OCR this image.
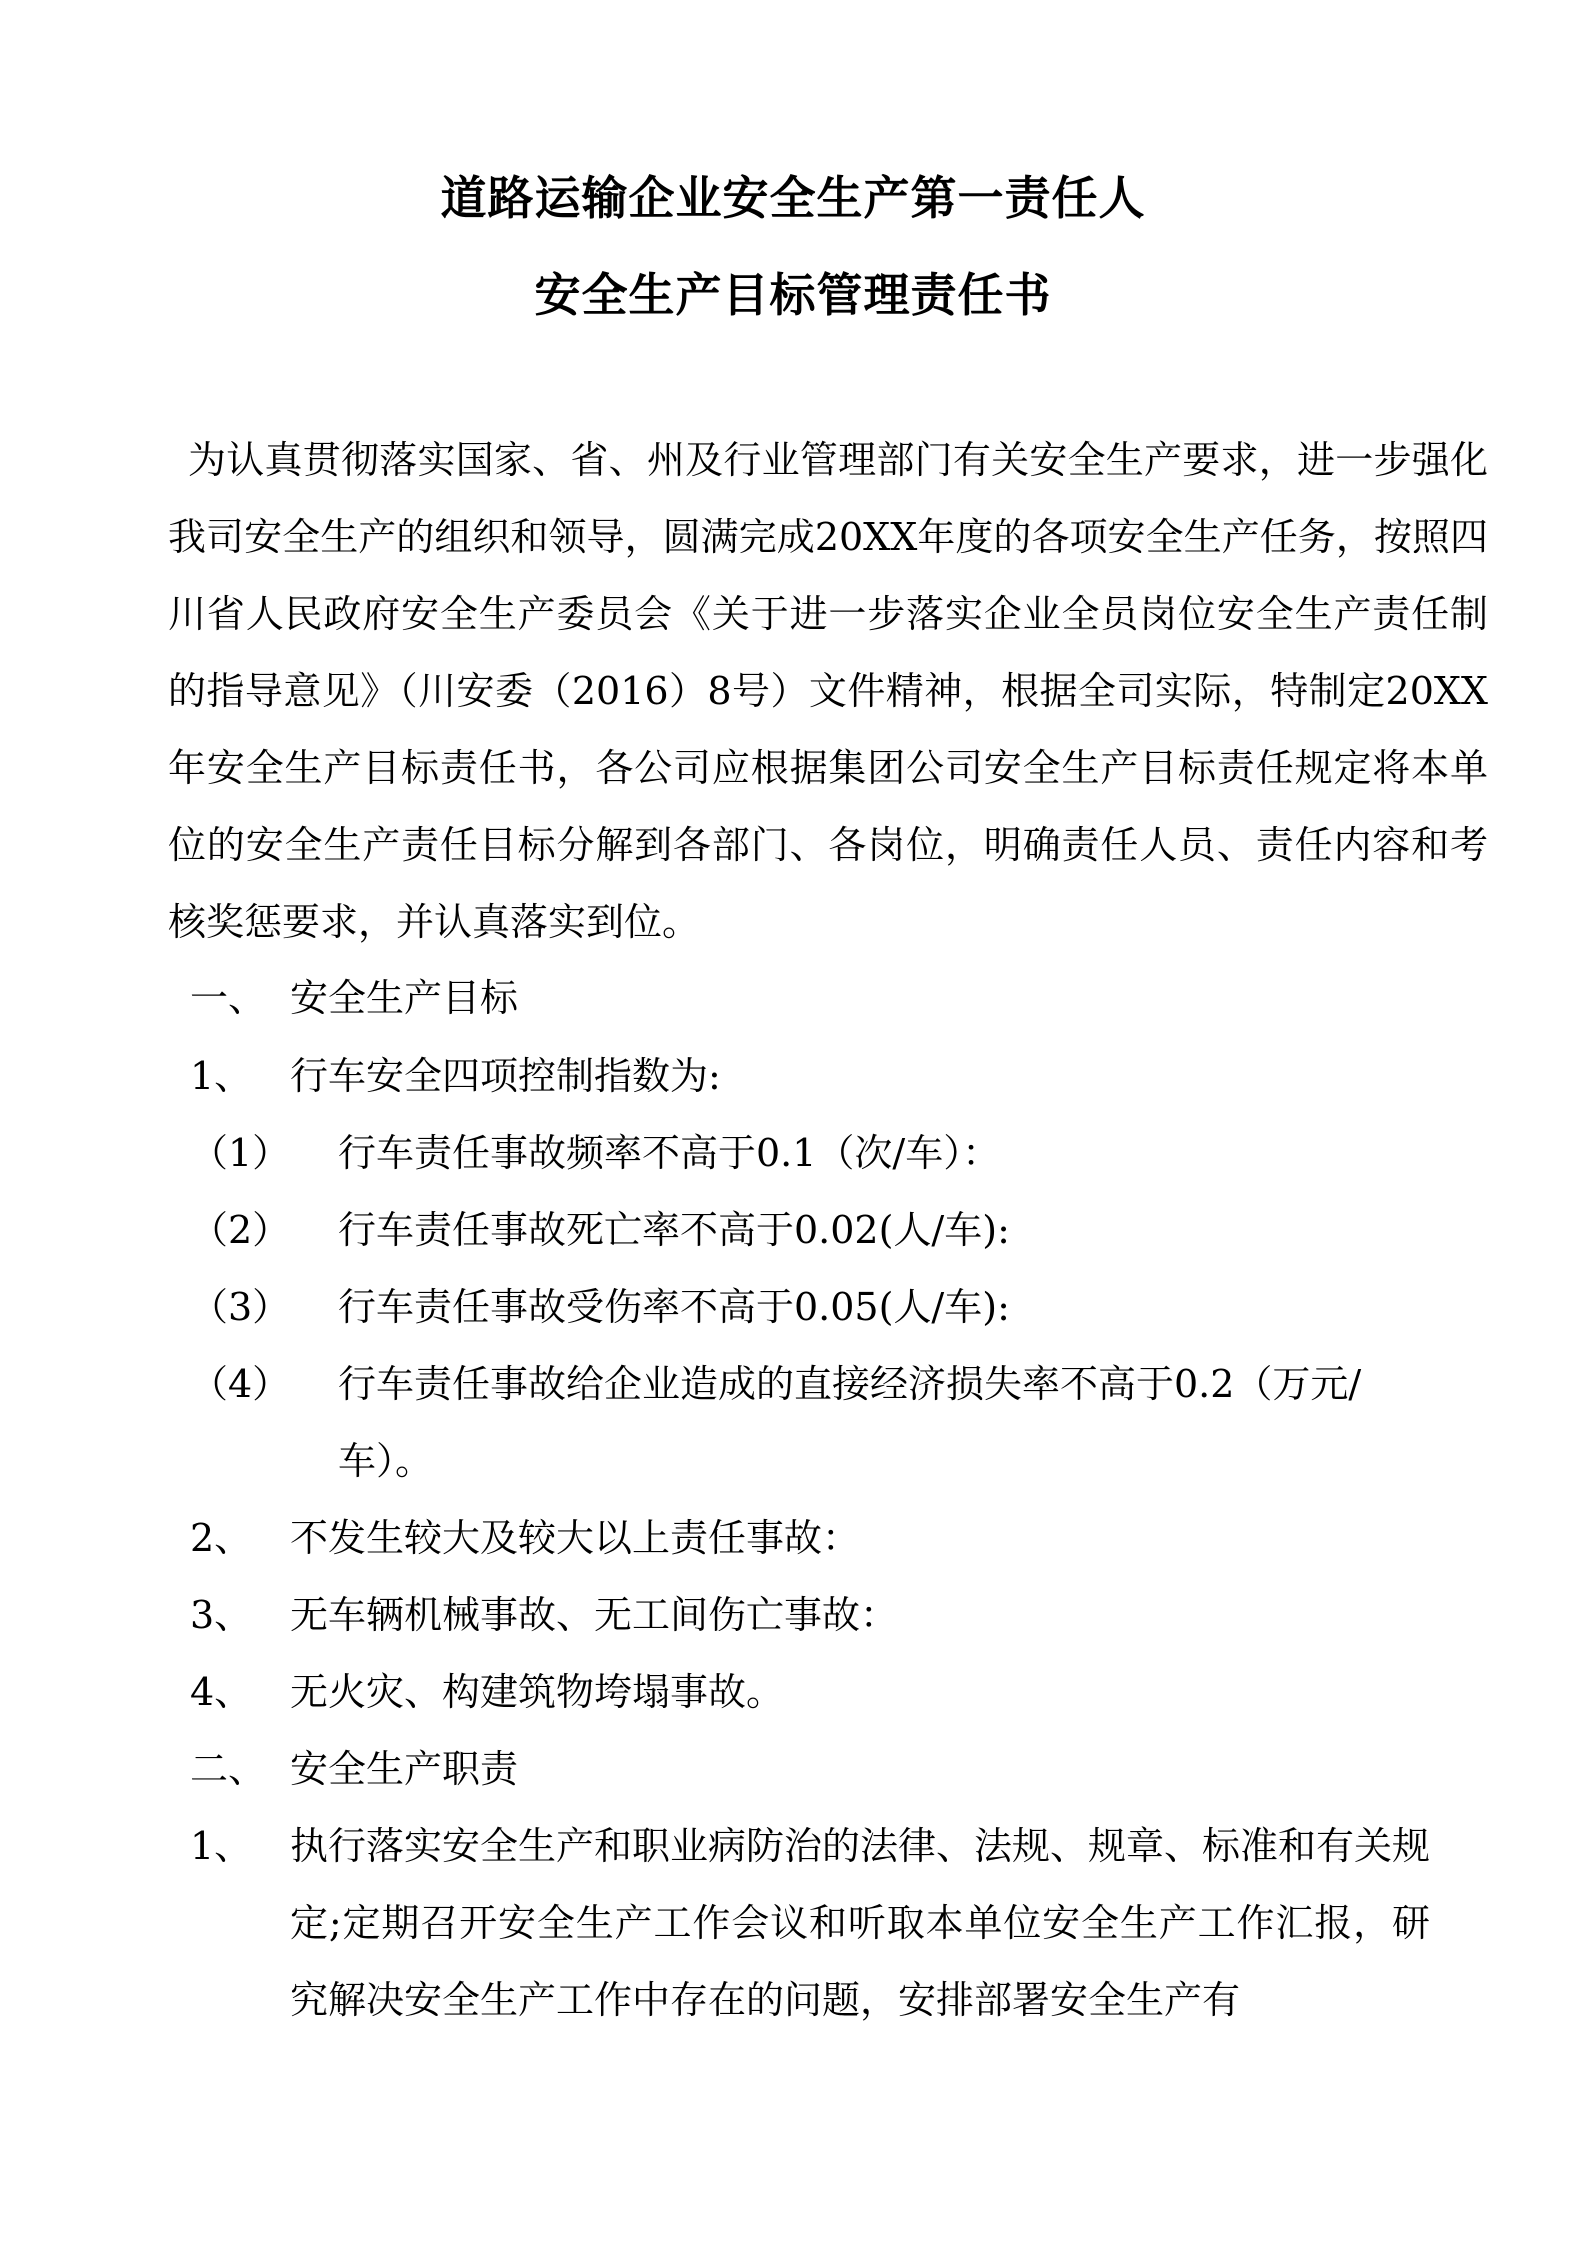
道路运输企业安全生产第一责任人
安全生产目标管理责任书
为认真贯彻落实国家、省、州及行业管理部门有关安全生产要求，进一步强化我司安全生产的组织和领导，圆满完成20XX年度的各项安全生产任务，按照四川省人民政府安全生产委员会《关于进一步落实企业全员岗位安全生产责任制的指导意见》（川安委（2016）8号）文件精神，根据全司实际，特制定20XX年安全生产目标责任书，各公司应根据集团公司安全生产目标责任规定将本单位的安全生产责任目标分解到各部门、各岗位，明确责任人员、责任内容和考核奖惩要求，并认真落实到位。
一、 安全生产目标
1、 行车安全四项控制指数为:
（1） 行车责任事故频率不高于0.1（次/车）：
（2） 行车责任事故死亡率不高于0.02(人/车):
（3） 行车责任事故受伤率不高于0.05(人/车):
（4） 行车责任事故给企业造成的直接经济损失率不高于0.2（万元/车）。
2、 不发生较大及较大以上责任事故：
3、 无车辆机械事故、无工间伤亡事故：
4、 无火灾、构建筑物垮塌事故。
二、 安全生产职责
1、 执行落实安全生产和职业病防治的法律、法规、规章、标准和有关规定;定期召开安全生产工作会议和听取本单位安全生产工作汇报，研究解决安全生产工作中存在的问题，安排部署安全生产有
